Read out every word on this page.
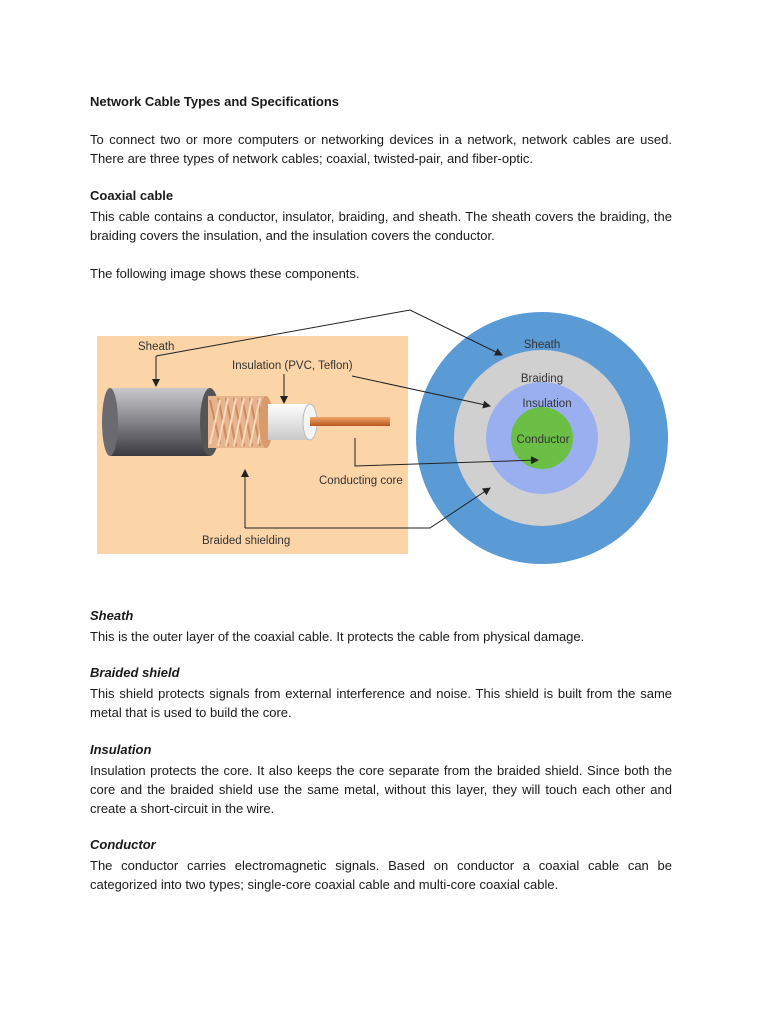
Network Cable Types and Specifications

To connect two or more computers or networking devices in a network, network cables are used. There are three types of network cables; coaxial, twisted-pair, and fiber-optic.

Coaxial cable

This cable contains a conductor, insulator, braiding, and sheath. The sheath covers the braiding, the braiding covers the insulation, and the insulation covers the conductor.

The following image shows these components.

Sheath
Insulation (PVC, Teflon)
Conducting core
Braided shielding
Sheath
Braiding
Insulation
Conductor
Sheath

This is the outer layer of the coaxial cable. It protects the cable from physical damage.

Braided shield

This shield protects signals from external interference and noise. This shield is built from the same metal that is used to build the core.

Insulation

Insulation protects the core. It also keeps the core separate from the braided shield. Since both the core and the braided shield use the same metal, without this layer, they will touch each other and create a short-circuit in the wire.

Conductor

The conductor carries electromagnetic signals. Based on conductor a coaxial cable can be categorized into two types; single-core coaxial cable and multi-core coaxial cable.
